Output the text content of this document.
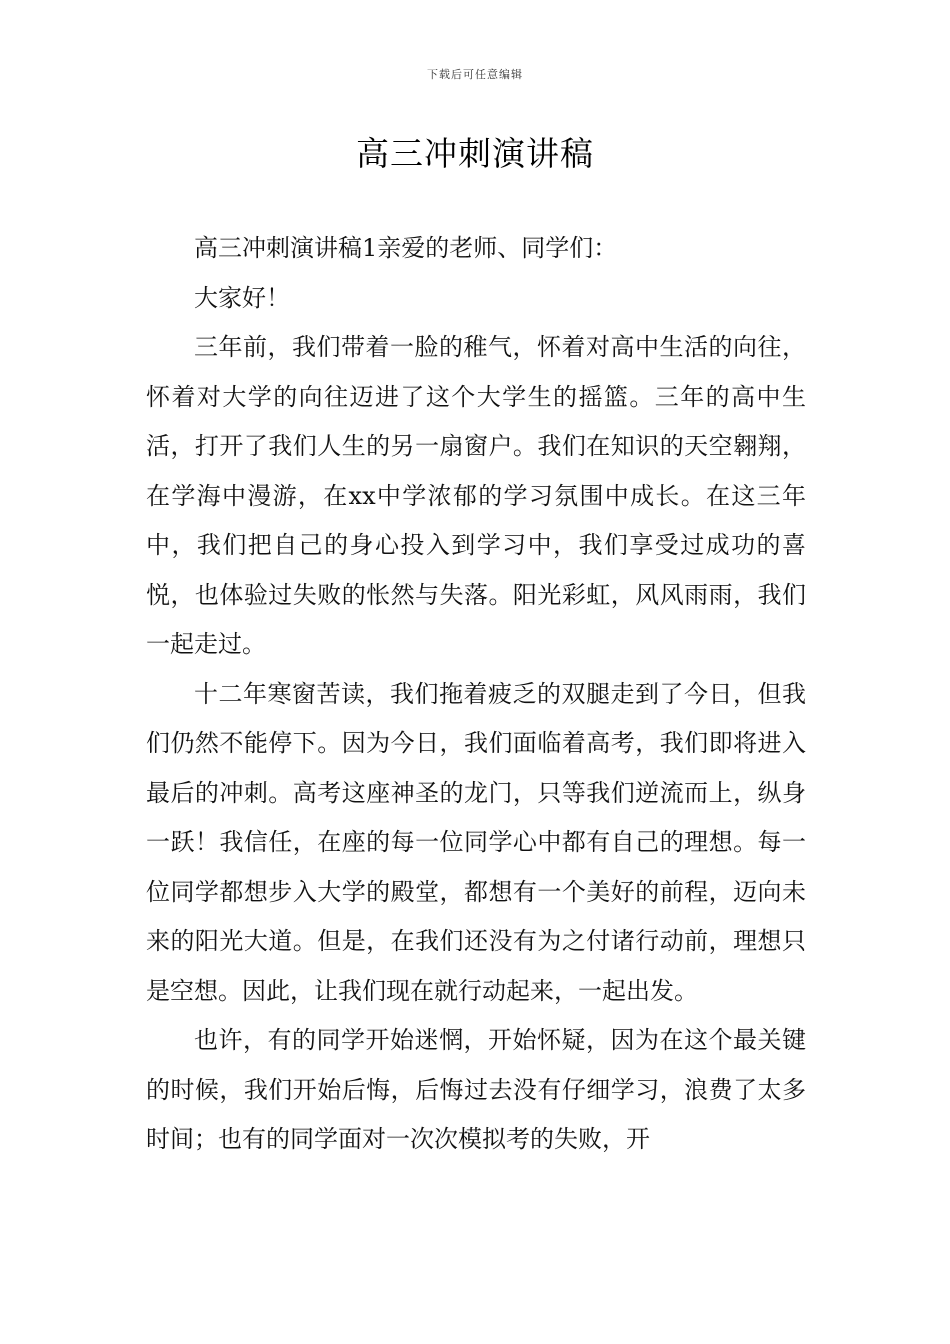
下载后可任意编辑
高三冲刺演讲稿

高三冲刺演讲稿1亲爱的老师、同学们：

大家好！

三年前，我们带着一脸的稚气，怀着对高中生活的向往，怀着对大学的向往迈进了这个大学生的摇篮。三年的高中生活，打开了我们人生的另一扇窗户。我们在知识的天空翱翔，在学海中漫游，在xx中学浓郁的学习氛围中成长。在这三年中，我们把自己的身心投入到学习中，我们享受过成功的喜悦，也体验过失败的怅然与失落。阳光彩虹，风风雨雨，我们一起走过。

十二年寒窗苦读，我们拖着疲乏的双腿走到了今日，但我们仍然不能停下。因为今日，我们面临着高考，我们即将进入最后的冲刺。高考这座神圣的龙门，只等我们逆流而上，纵身一跃！我信任，在座的每一位同学心中都有自己的理想。每一位同学都想步入大学的殿堂，都想有一个美好的前程，迈向未来的阳光大道。但是，在我们还没有为之付诸行动前，理想只是空想。因此，让我们现在就行动起来，一起出发。

也许，有的同学开始迷惘，开始怀疑，因为在这个最关键的时候，我们开始后悔，后悔过去没有仔细学习，浪费了太多时间；也有的同学面对一次次模拟考的失败，开
